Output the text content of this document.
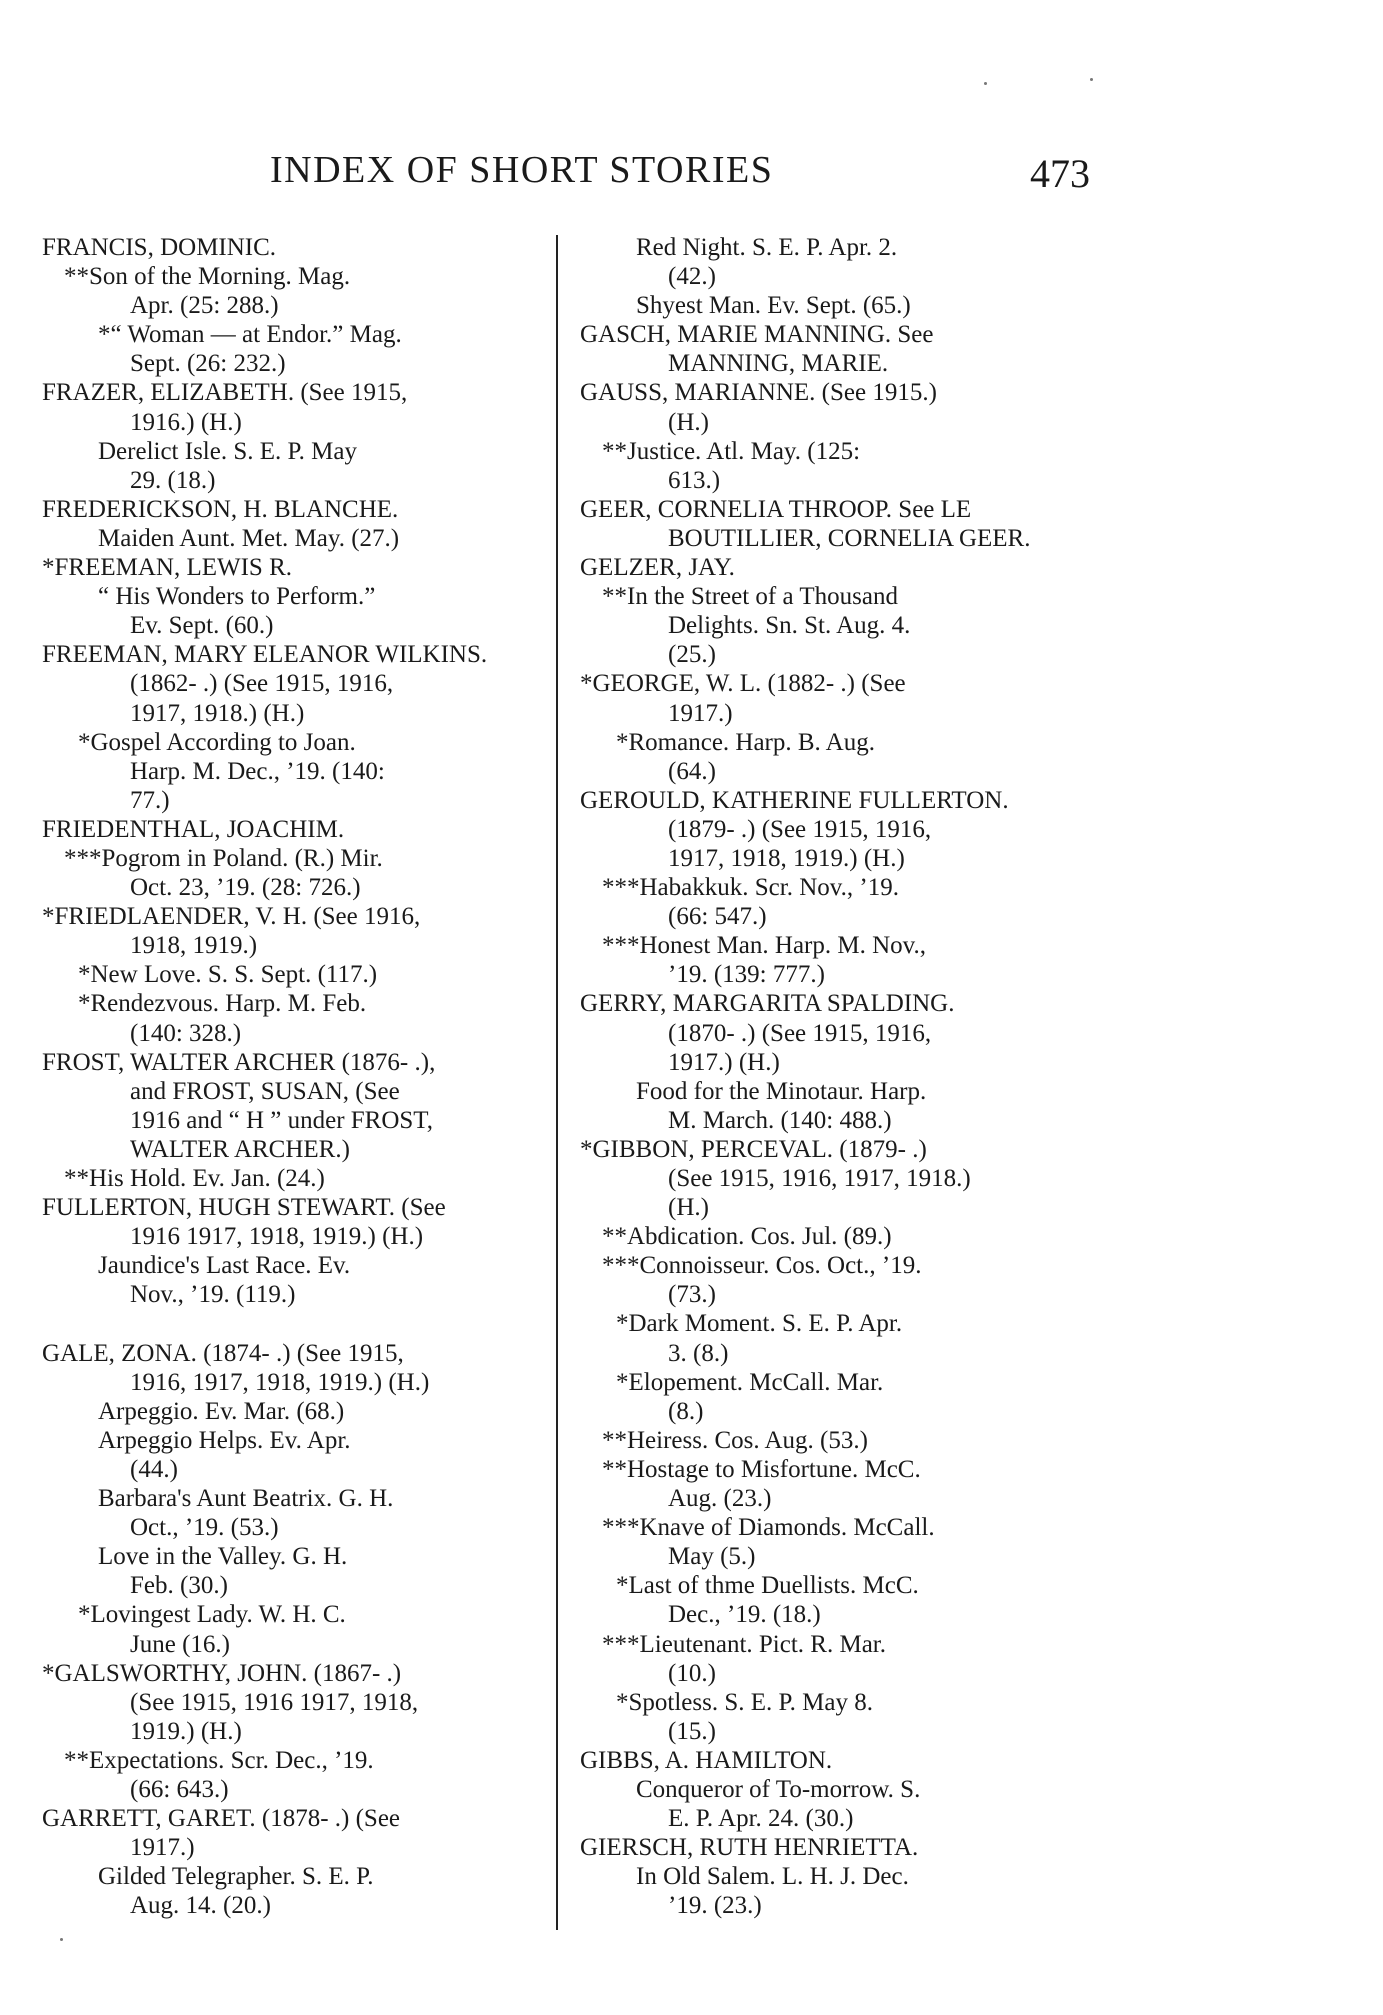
INDEX OF SHORT STORIES	473
FRANCIS, DOMINIC.
**Son of the Morning. Mag.
Apr. (25: 288.)
*“ Woman — at Endor.” Mag.
Sept. (26: 232.)
FRAZER, ELIZABETH. (See 1915,
1916.) (H.)
Derelict Isle. S. E. P. May
29. (18.)
FREDERICKSON, H. BLANCHE.
Maiden Aunt. Met. May. (27.)
*FREEMAN, LEWIS R.
“ His Wonders to Perform.”
Ev. Sept. (60.)
FREEMAN, MARY ELEANOR WILKINS.
(1862- .) (See 1915, 1916,
1917, 1918.) (H.)
*Gospel According to Joan.
Harp. M. Dec., ’19. (140:
77.)
FRIEDENTHAL, JOACHIM.
***Pogrom in Poland. (R.) Mir.
Oct. 23, ’19. (28: 726.)
*FRIEDLAENDER, V. H. (See 1916,
1918, 1919.)
*New Love. S. S. Sept. (117.)
*Rendezvous. Harp. M. Feb.
(140: 328.)
FROST, WALTER ARCHER (1876- .),
and FROST, SUSAN, (See
1916 and “ H ” under FROST,
WALTER ARCHER.)
**His Hold. Ev. Jan. (24.)
FULLERTON, HUGH STEWART. (See
1916 1917, 1918, 1919.) (H.)
Jaundice's Last Race. Ev.
Nov., ’19. (119.)
GALE, ZONA. (1874- .) (See 1915,
1916, 1917, 1918, 1919.) (H.)
Arpeggio. Ev. Mar. (68.)
Arpeggio Helps. Ev. Apr.
(44.)
Barbara's Aunt Beatrix. G. H.
Oct., ’19. (53.)
Love in the Valley. G. H.
Feb. (30.)
*Lovingest Lady. W. H. C.
June (16.)
*GALSWORTHY, JOHN. (1867- .)
(See 1915, 1916 1917, 1918,
1919.) (H.)
**Expectations. Scr. Dec., ’19.
(66: 643.)
GARRETT, GARET. (1878- .) (See
1917.)
Gilded Telegrapher. S. E. P.
Aug. 14. (20.)
Red Night. S. E. P. Apr. 2.
(42.)
Shyest Man. Ev. Sept. (65.)
GASCH, MARIE MANNING. See
MANNING, MARIE.
GAUSS, MARIANNE. (See 1915.)
(H.)
**Justice. Atl. May. (125:
613.)
GEER, CORNELIA THROOP. See LE
BOUTILLIER, CORNELIA GEER.
GELZER, JAY.
**In the Street of a Thousand
Delights. Sn. St. Aug. 4.
(25.)
*GEORGE, W. L. (1882- .) (See
1917.)
*Romance. Harp. B. Aug.
(64.)
GEROULD, KATHERINE FULLERTON.
(1879- .) (See 1915, 1916,
1917, 1918, 1919.) (H.)
***Habakkuk. Scr. Nov., ’19.
(66: 547.)
***Honest Man. Harp. M. Nov.,
’19. (139: 777.)
GERRY, MARGARITA SPALDING.
(1870- .) (See 1915, 1916,
1917.) (H.)
Food for the Minotaur. Harp.
M. March. (140: 488.)
*GIBBON, PERCEVAL. (1879- .)
(See 1915, 1916, 1917, 1918.)
(H.)
**Abdication. Cos. Jul. (89.)
***Connoisseur. Cos. Oct., ’19.
(73.)
*Dark Moment. S. E. P. Apr.
3. (8.)
*Elopement. McCall. Mar.
(8.)
**Heiress. Cos. Aug. (53.)
**Hostage to Misfortune. McC.
Aug. (23.)
***Knave of Diamonds. McCall.
May (5.)
*Last of thme Duellists. McC.
Dec., ’19. (18.)
***Lieutenant. Pict. R. Mar.
(10.)
*Spotless. S. E. P. May 8.
(15.)
GIBBS, A. HAMILTON.
Conqueror of To-morrow. S.
E. P. Apr. 24. (30.)
GIERSCH, RUTH HENRIETTA.
In Old Salem. L. H. J. Dec.
’19. (23.)
